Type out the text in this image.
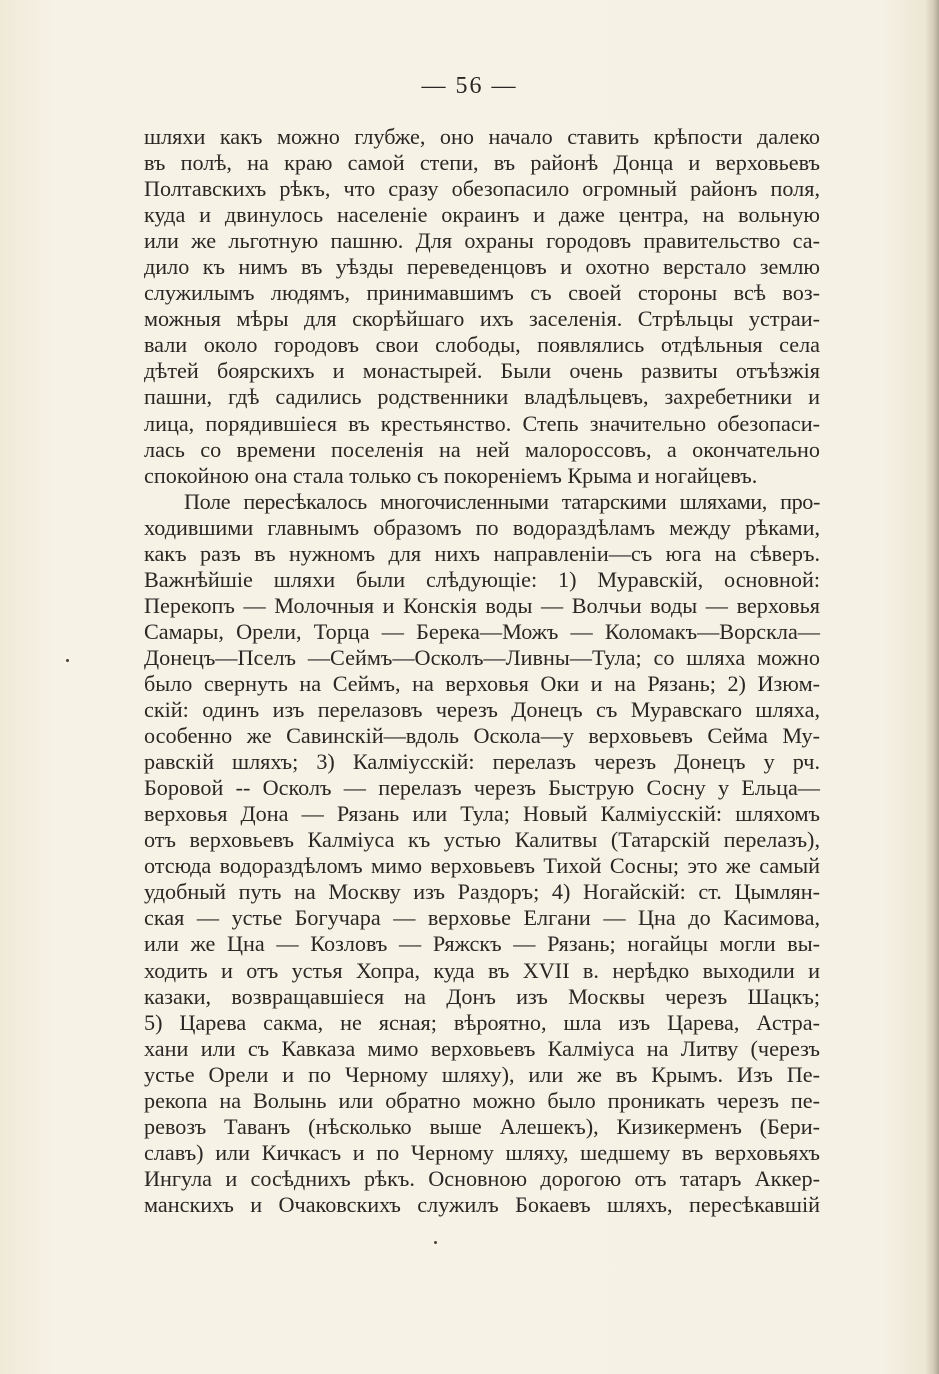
— 56 —
шляхи какъ можно глубже, оно начало ставить крѣпости далеко
въ полѣ, на краю самой степи, въ районѣ Донца и верховьевъ
Полтавскихъ рѣкъ, что сразу обезопасило огромный районъ поля,
куда и двинулось населеніе окраинъ и даже центра, на вольную
или же льготную пашню. Для охраны городовъ правительство са-
дило къ нимъ въ уѣзды переведенцовъ и охотно верстало землю
служилымъ людямъ, принимавшимъ съ своей стороны всѣ воз-
можныя мѣры для скорѣйшаго ихъ заселенія. Стрѣльцы устраи-
вали около городовъ свои слободы, появлялись отдѣльныя села
дѣтей боярскихъ и монастырей. Были очень развиты отъѣзжія
пашни, гдѣ садились родственники владѣльцевъ, захребетники и
лица, порядившіеся въ крестьянство. Степь значительно обезопаси-
лась со времени поселенія на ней малороссовъ, а окончательно
спокойною она стала только съ покореніемъ Крыма и ногайцевъ.
Поле пересѣкалось многочисленными татарскими шляхами, про-
ходившими главнымъ образомъ по водораздѣламъ между рѣками,
какъ разъ въ нужномъ для нихъ направленіи—съ юга на сѣверъ.
Важнѣйшіе шляхи были слѣдующіе: 1) Муравскій, основной:
Перекопъ — Молочныя и Конскія воды — Волчьи воды — верховья
Самары, Орели, Торца — Берека—Можъ — Коломакъ—Ворскла—
Донецъ—Пселъ —Сеймъ—Осколъ—Ливны—Тула; со шляха можно
было свернуть на Сеймъ, на верховья Оки и на Рязань; 2) Изюм-
скій: одинъ изъ перелазовъ черезъ Донецъ съ Муравскаго шляха,
особенно же Савинскій—вдоль Оскола—у верховьевъ Сейма Му-
равскій шляхъ; 3) Калміусскій: перелазъ черезъ Донецъ у рч.
Боровой -- Осколъ — перелазъ черезъ Быструю Сосну у Ельца—
верховья Дона — Рязань или Тула; Новый Калміусскій: шляхомъ
отъ верховьевъ Калміуса къ устью Калитвы (Татарскій перелазъ),
отсюда водораздѣломъ мимо верховьевъ Тихой Сосны; это же самый
удобный путь на Москву изъ Раздоръ; 4) Ногайскій: ст. Цымлян-
ская — устье Богучара — верховье Елгани — Цна до Касимова,
или же Цна — Козловъ — Ряжскъ — Рязань; ногайцы могли вы-
ходить и отъ устья Хопра, куда въ XVII в. нерѣдко выходили и
казаки, возвращавшіеся на Донъ изъ Москвы черезъ Шацкъ;
5) Царева сакма, не ясная; вѣроятно, шла изъ Царева, Астра-
хани или съ Кавказа мимо верховьевъ Калміуса на Литву (черезъ
устье Орели и по Черному шляху), или же въ Крымъ. Изъ Пе-
рекопа на Волынь или обратно можно было проникать черезъ пе-
ревозъ Таванъ (нѣсколько выше Алешекъ), Кизикерменъ (Бери-
славъ) или Кичкасъ и по Черному шляху, шедшему въ верховьяхъ
Ингула и сосѣднихъ рѣкъ. Основною дорогою отъ татаръ Аккер-
манскихъ и Очаковскихъ служилъ Бокаевъ шляхъ, пересѣкавшій
